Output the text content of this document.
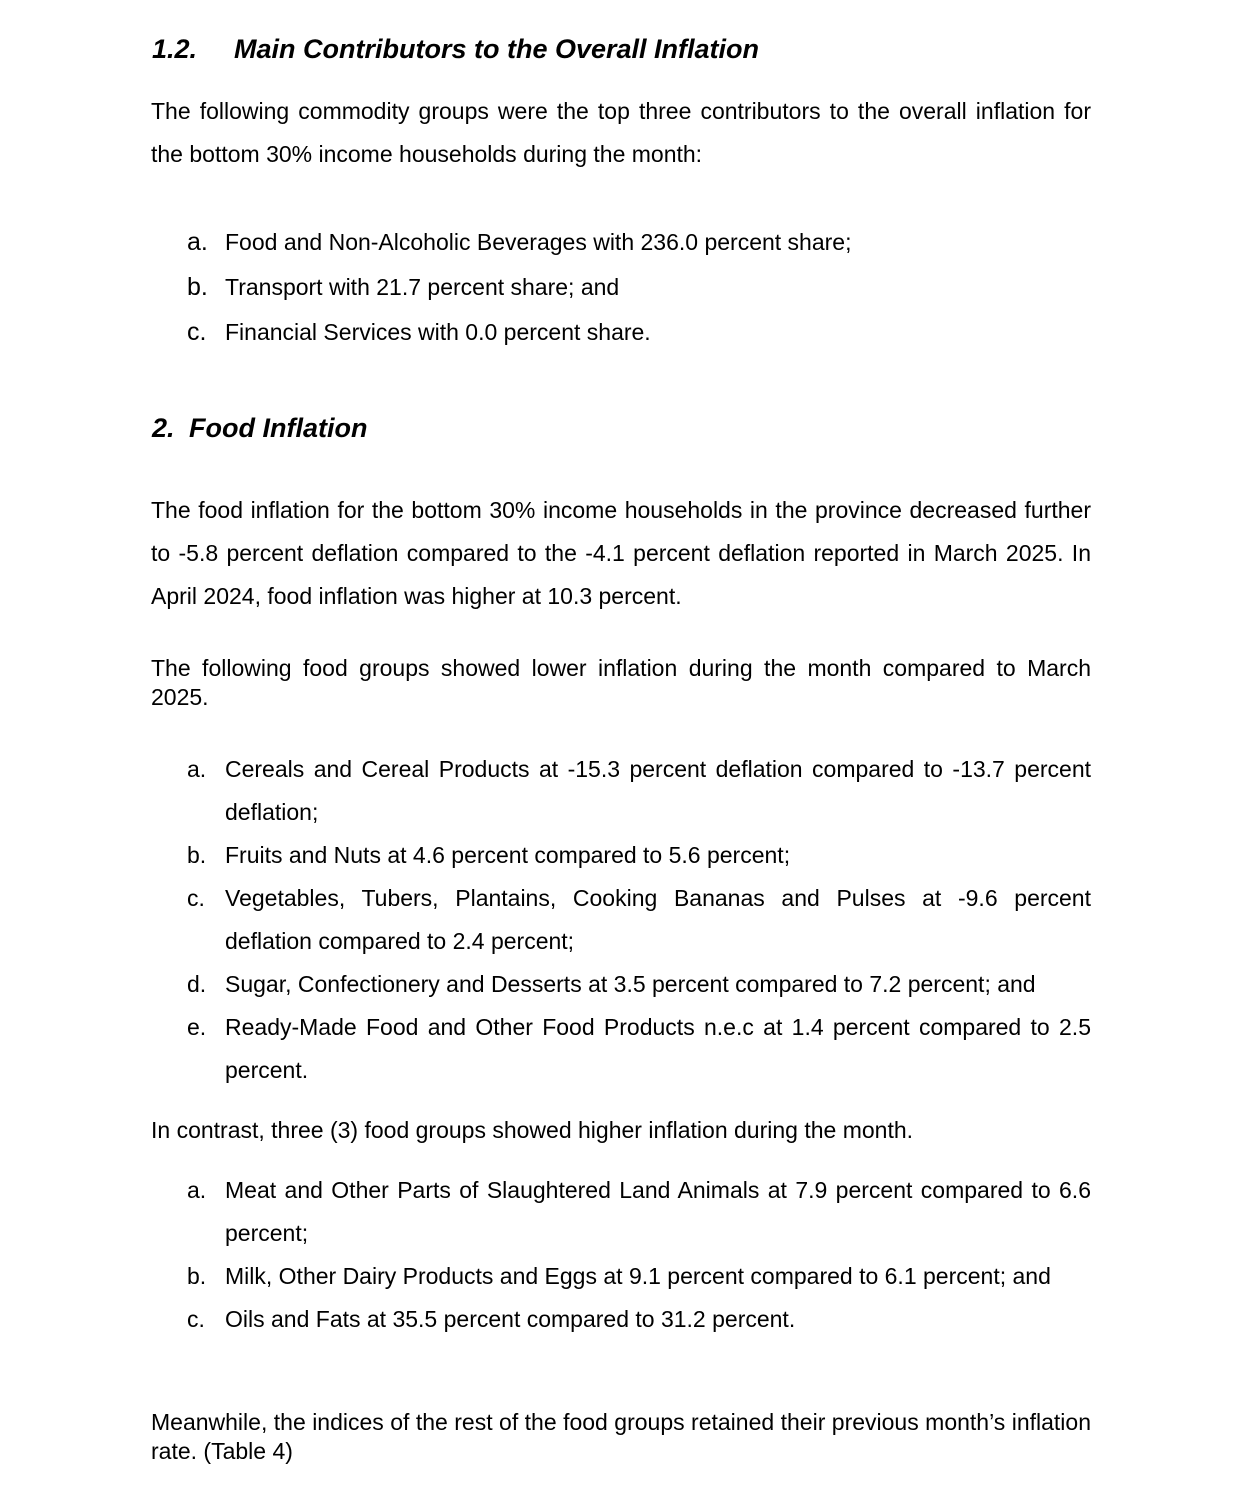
1.2. Main Contributors to the Overall Inflation

The following commodity groups were the top three contributors to the overall inflation for the bottom 30% income households during the month:

a. Food and Non-Alcoholic Beverages with 236.0 percent share;
b. Transport with 21.7 percent share; and
c. Financial Services with 0.0 percent share.
2. Food Inflation

The food inflation for the bottom 30% income households in the province decreased further to -5.8 percent deflation compared to the -4.1 percent deflation reported in March 2025. In April 2024, food inflation was higher at 10.3 percent.

The following food groups showed lower inflation during the month compared to March 2025.

a. Cereals and Cereal Products at -15.3 percent deflation compared to -13.7 percent deflation;
b. Fruits and Nuts at 4.6 percent compared to 5.6 percent;
c. Vegetables, Tubers, Plantains, Cooking Bananas and Pulses at -9.6 percent deflation compared to 2.4 percent;
d. Sugar, Confectionery and Desserts at 3.5 percent compared to 7.2 percent; and
e. Ready-Made Food and Other Food Products n.e.c at 1.4 percent compared to 2.5 percent.

In contrast, three (3) food groups showed higher inflation during the month.

a. Meat and Other Parts of Slaughtered Land Animals at 7.9 percent compared to 6.6 percent;
b. Milk, Other Dairy Products and Eggs at 9.1 percent compared to 6.1 percent; and
c. Oils and Fats at 35.5 percent compared to 31.2 percent.

Meanwhile, the indices of the rest of the food groups retained their previous month’s inflation rate. (Table 4)
